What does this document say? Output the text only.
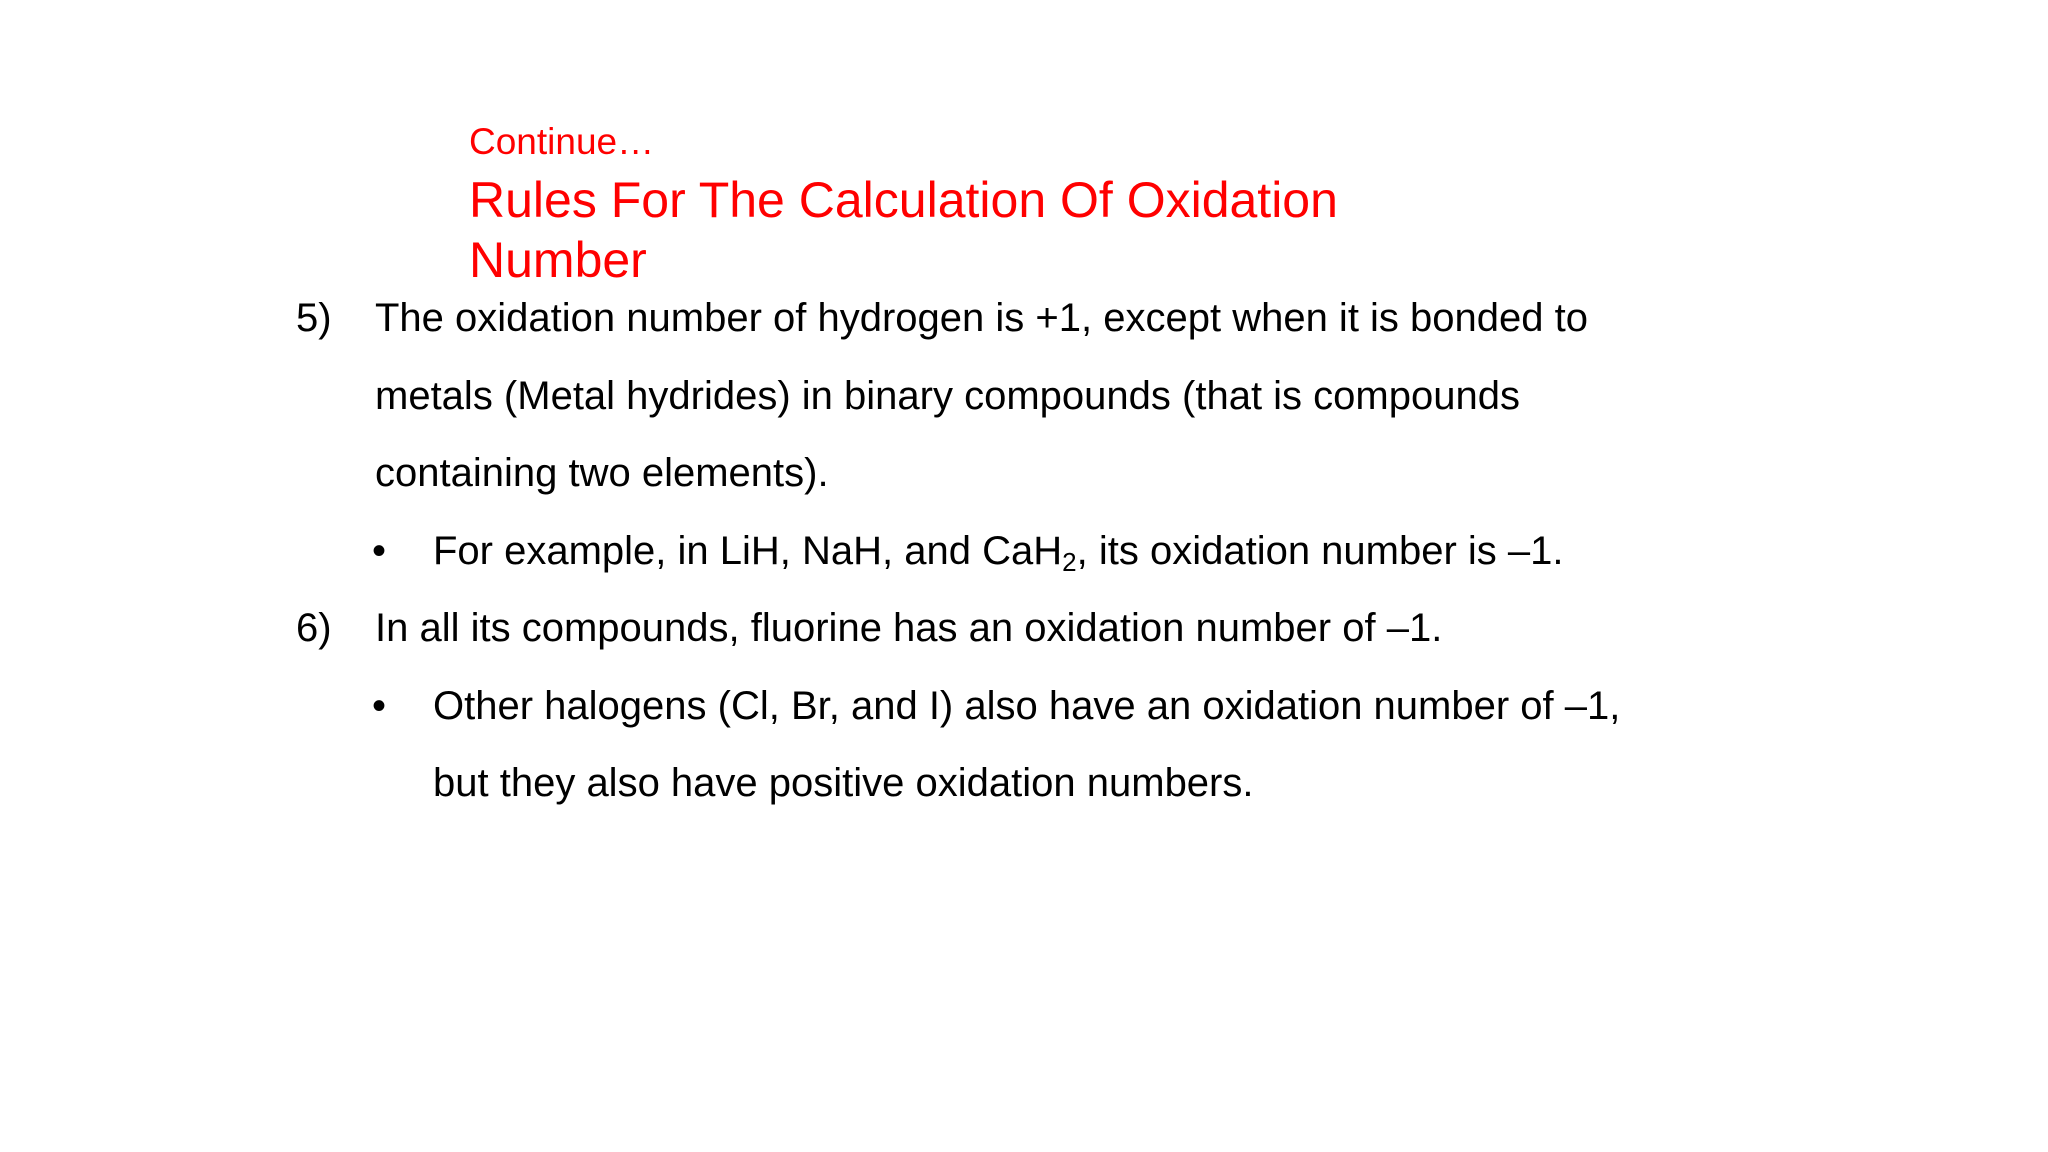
Continue…
Rules For The Calculation Of Oxidation
Number
5) The oxidation number of hydrogen is +1, except when it is bonded to
metals (Metal hydrides) in binary compounds (that is compounds
containing two elements).
• For example, in LiH, NaH, and CaH$_2$, its oxidation number is –1.
6) In all its compounds, fluorine has an oxidation number of –1.
• Other halogens (Cl, Br, and I) also have an oxidation number of –1,
but they also have positive oxidation numbers.
